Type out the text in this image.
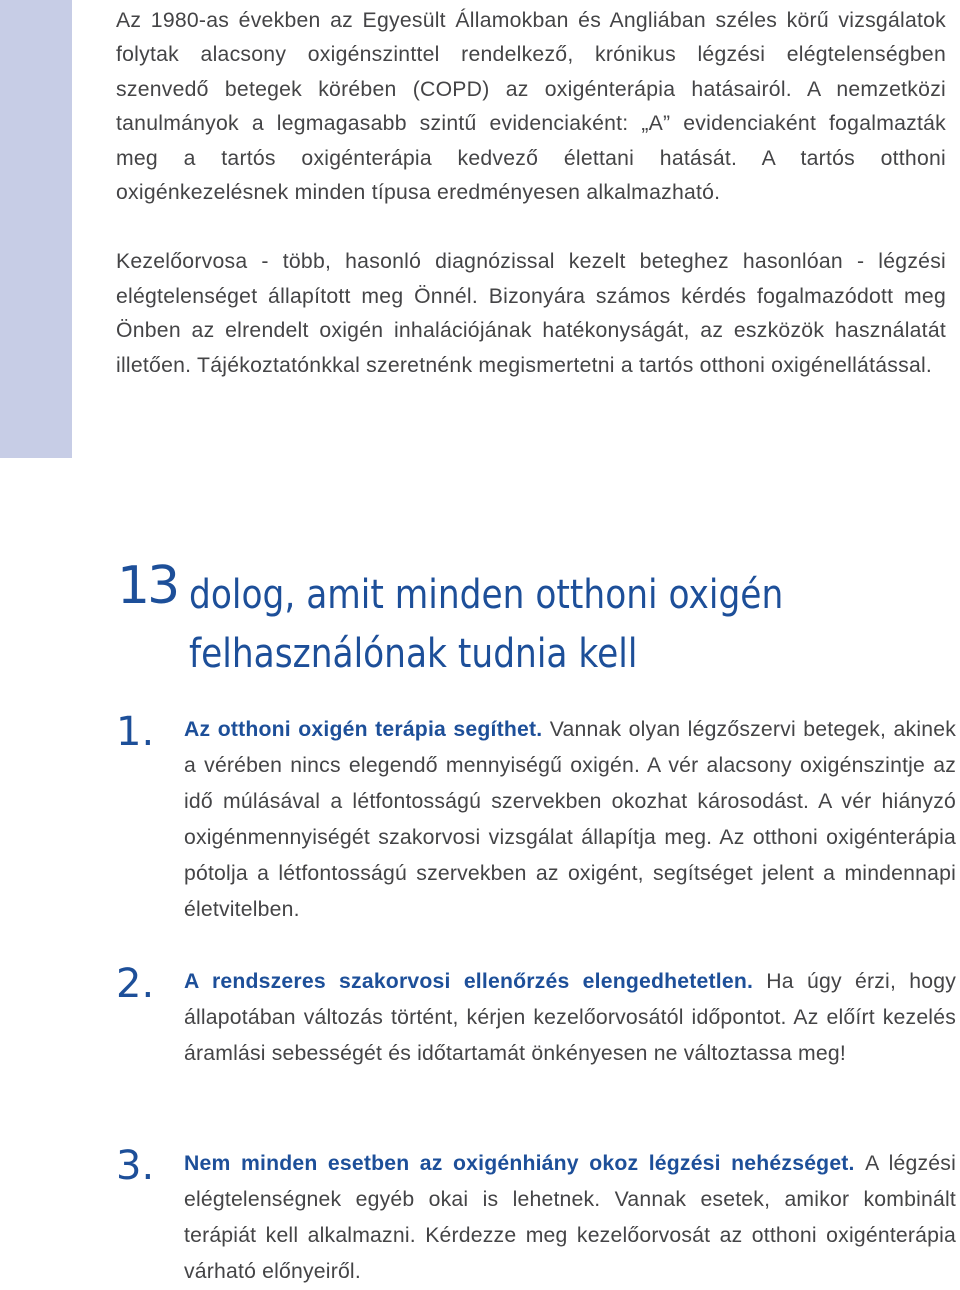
Az 1980-as években az Egyesült Államokban és Angliában széles körű vizsgálatok folytak alacsony oxigénszinttel rendelkező, krónikus légzési elégtelenségben szenvedő betegek körében (COPD) az oxigénterápia hatásairól. A nemzetközi tanulmányok a legmagasabb szintű evidenciaként: „A” evidenciaként fogalmazták meg a tartós oxigénterápia kedvező élettani hatását. A tartós otthoni oxigénkezelésnek minden típusa eredményesen alkalmazható.

Kezelőorvosa - több, hasonló diagnózissal kezelt beteghez hasonlóan - légzési elégtelenséget állapított meg Önnél. Bizonyára számos kérdés fogalmazódott meg Önben az elrendelt oxigén inhalációjának hatékonyságát, az eszközök használatát illetően. Tájékoztatónkkal szeretnénk megismertetni a tartós otthoni oxigénellátással.

13 dolog, amit minden otthoni oxigén
felhasználónak tudnia kell
1. Az otthoni oxigén terápia segíthet. Vannak olyan légzőszervi betegek, akinek a vérében nincs elegendő mennyiségű oxigén. A vér alacsony oxigénszintje az idő múlásával a létfontosságú szervekben okozhat károsodást. A vér hiányzó oxigénmennyiségét szakorvosi vizsgálat állapítja meg. Az otthoni oxigénterápia pótolja a létfontosságú szervekben az oxigént, segítséget jelent a mindennapi életvitelben.
2. A rendszeres szakorvosi ellenőrzés elengedhetetlen. Ha úgy érzi, hogy állapotában változás történt, kérjen kezelőorvosától időpontot. Az előírt kezelés áramlási sebességét és időtartamát önkényesen ne változtassa meg!
3. Nem minden esetben az oxigénhiány okoz légzési nehézséget. A légzési elégtelenségnek egyéb okai is lehetnek. Vannak esetek, amikor kombinált terápiát kell alkalmazni. Kérdezze meg kezelőorvosát az otthoni oxigénterápia várható előnyeiről.
